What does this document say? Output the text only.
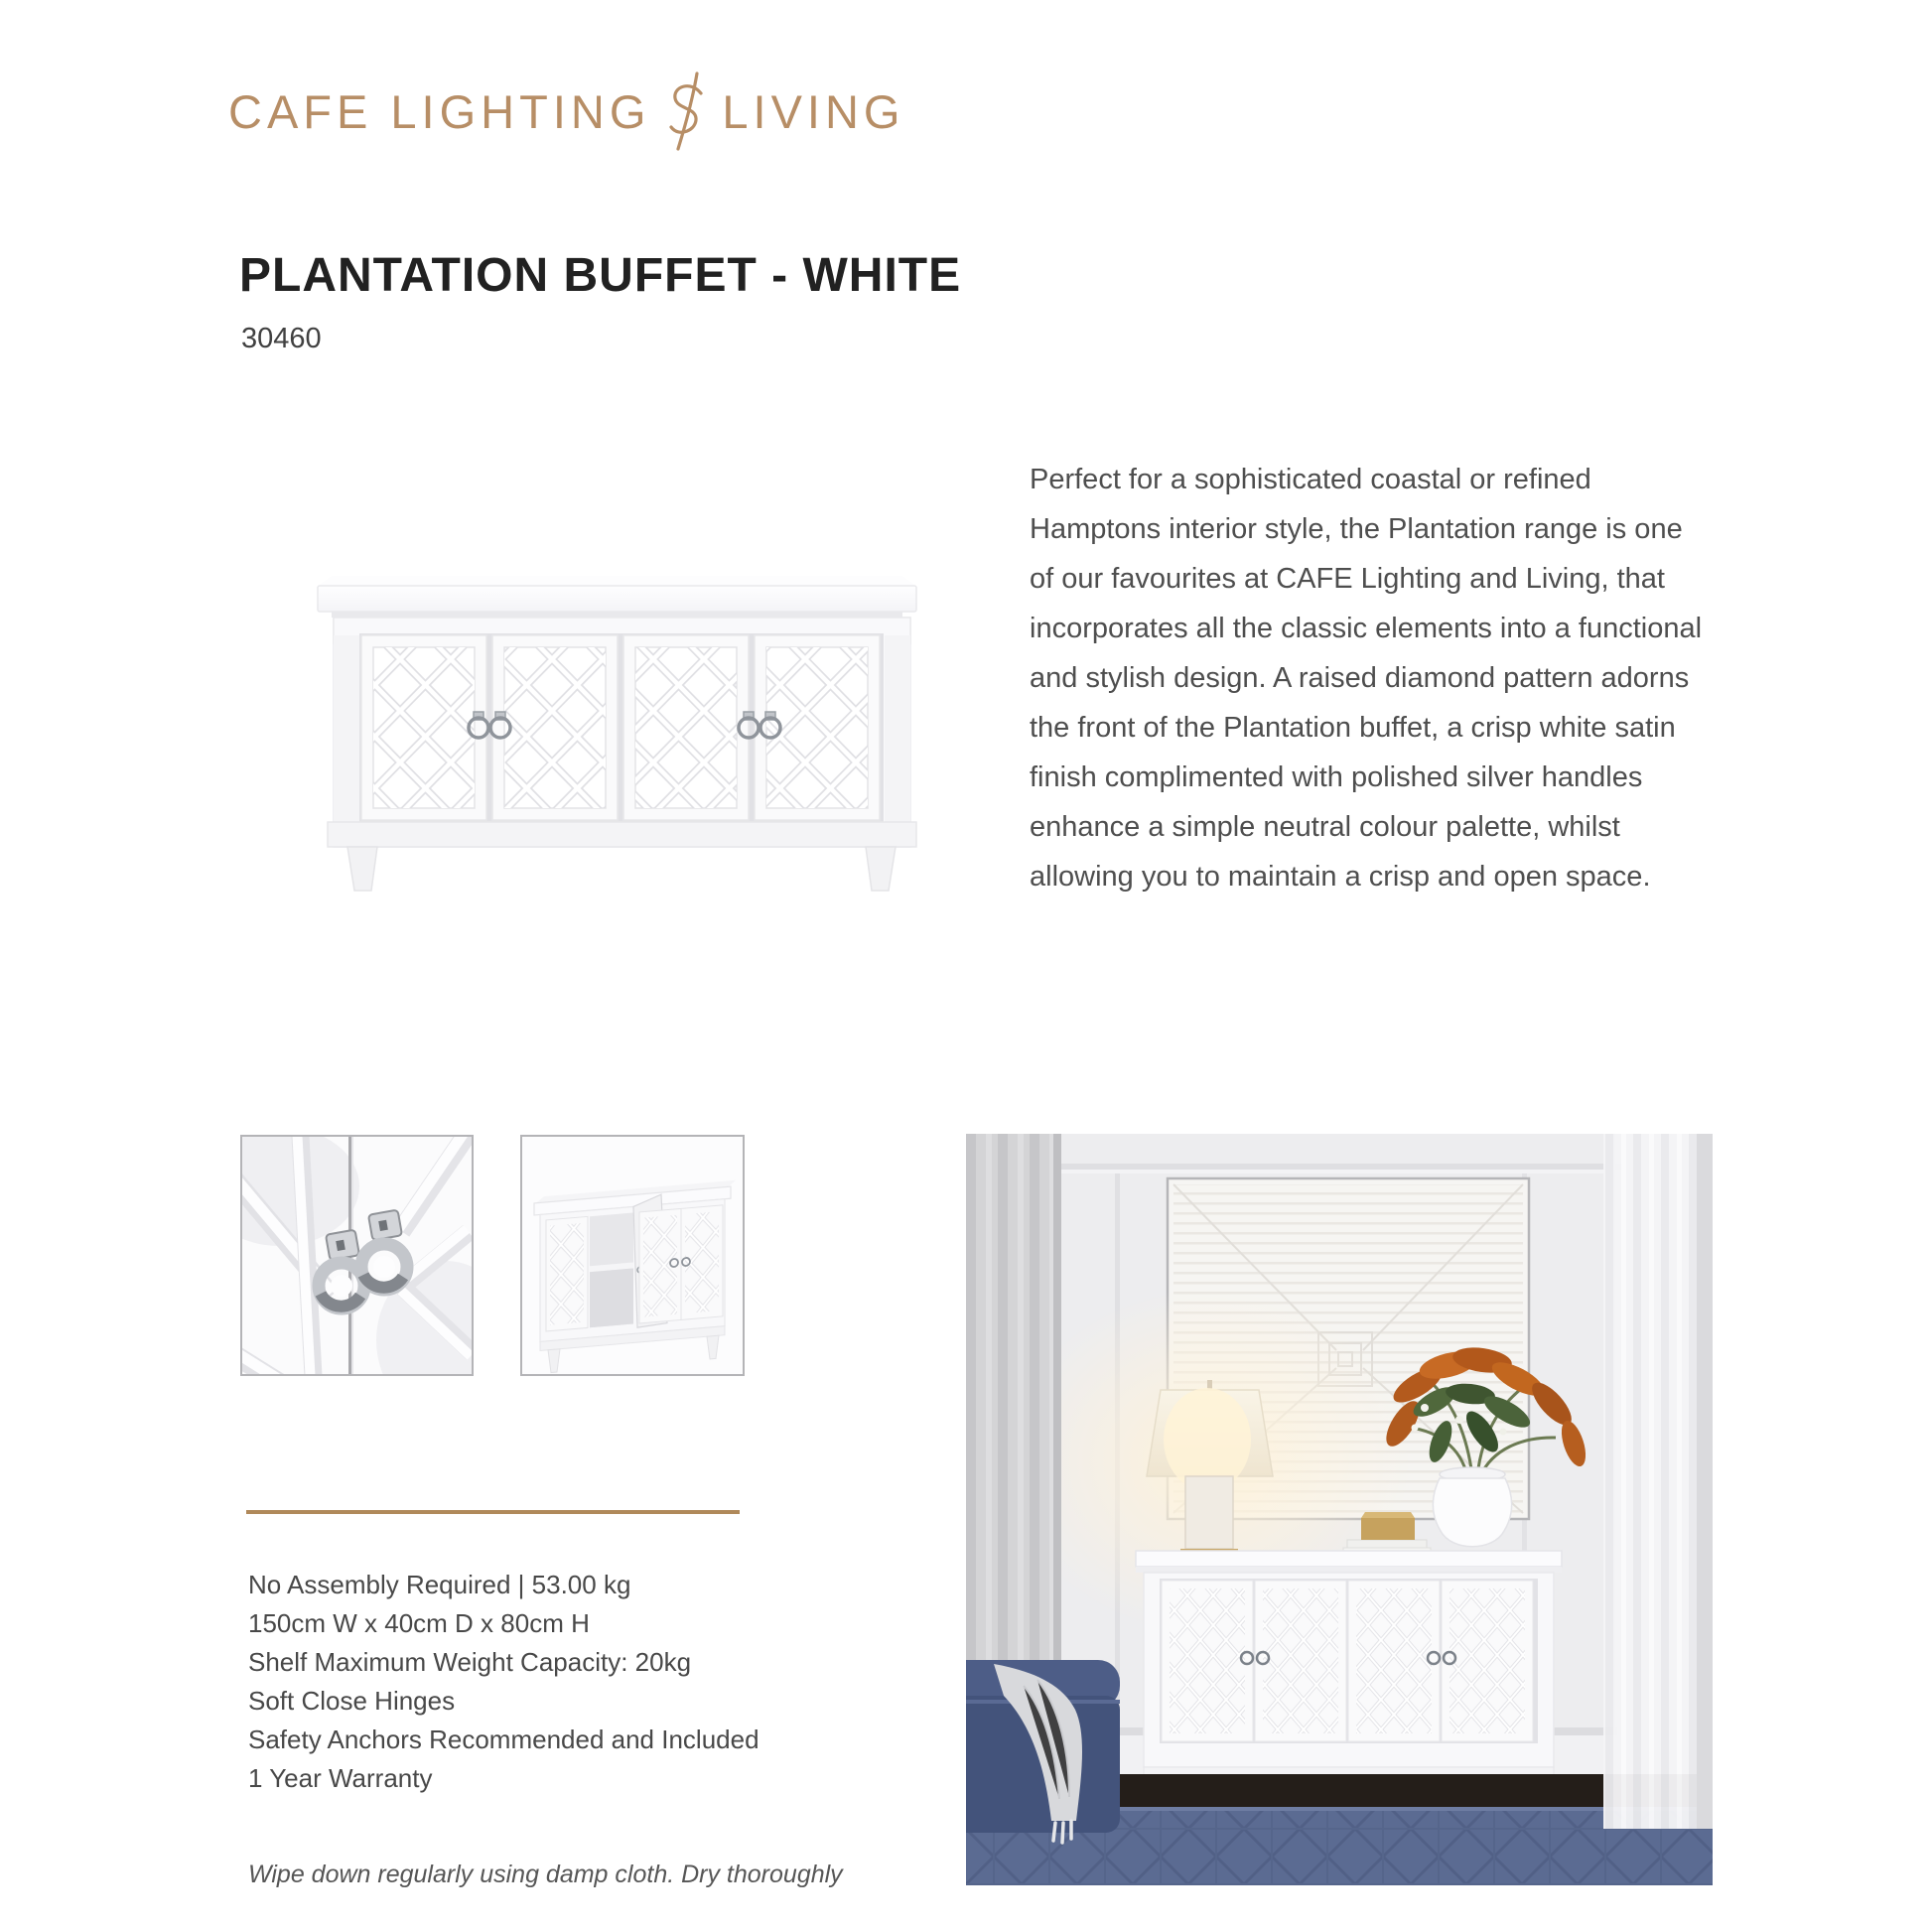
CAFE LIGHTING LIVING
PLANTATION BUFFET - WHITE
30460
Perfect for a sophisticated coastal or refined Hamptons interior style, the Plantation range is one of our favourites at CAFE Lighting and Living, that incorporates all the classic elements into a functional and stylish design. A raised diamond pattern adorns the front of the Plantation buffet, a crisp white satin finish complimented with polished silver handles enhance a simple neutral colour palette, whilst allowing you to maintain a crisp and open space.
No Assembly Required | 53.00 kg
150cm W x 40cm D x 80cm H
Shelf Maximum Weight Capacity: 20kg
Soft Close Hinges
Safety Anchors Recommended and Included
1 Year Warranty
Wipe down regularly using damp cloth. Dry thoroughly
